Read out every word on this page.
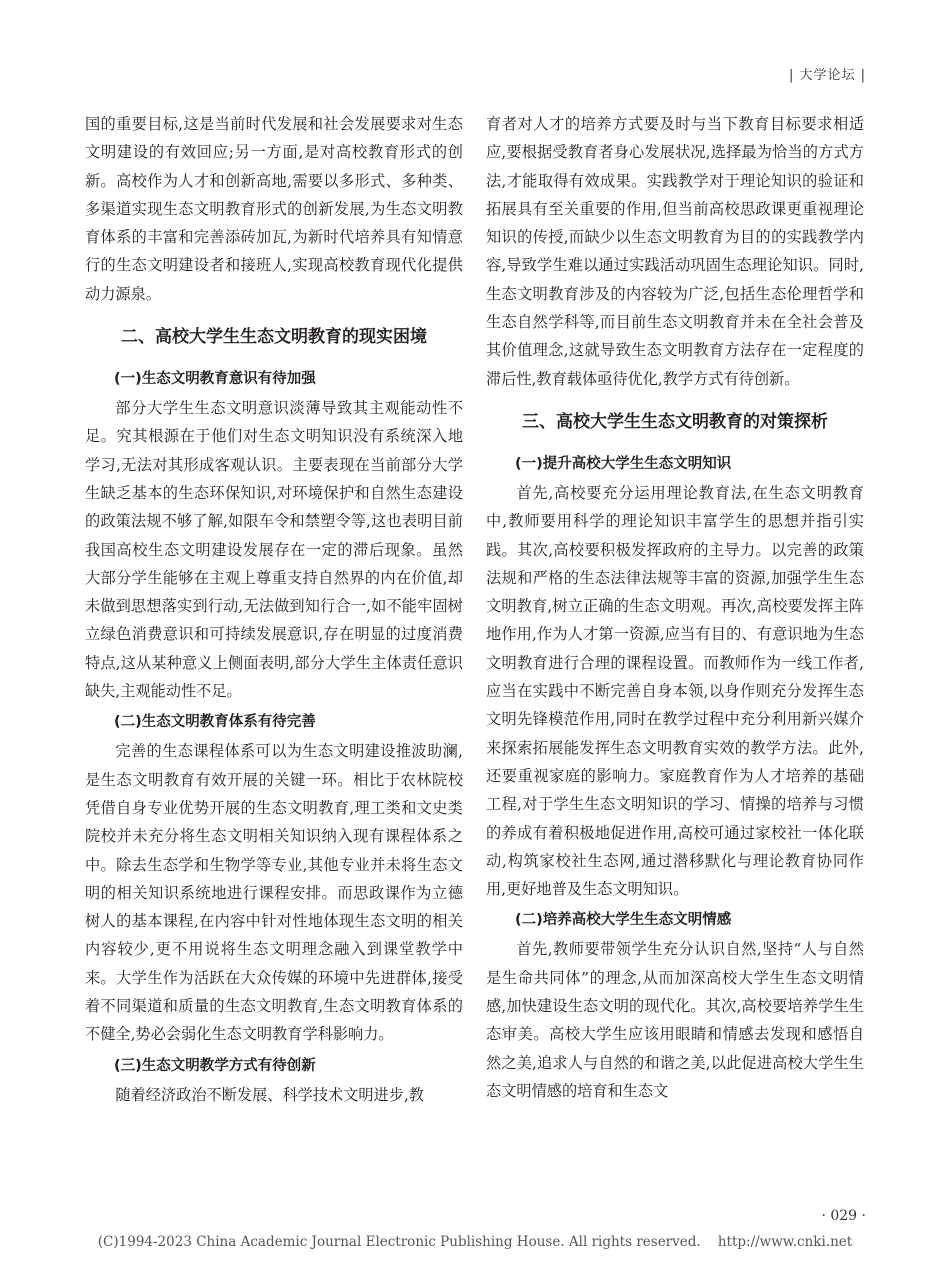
| 大学论坛 |

国的重要目标,这是当前时代发展和社会发展要求对生态文明建设的有效回应;另一方面,是对高校教育形式的创新。高校作为人才和创新高地,需要以多形式、多种类、多渠道实现生态文明教育形式的创新发展,为生态文明教育体系的丰富和完善添砖加瓦,为新时代培养具有知情意行的生态文明建设者和接班人,实现高校教育现代化提供动力源泉。

二、高校大学生生态文明教育的现实困境
(一)生态文明教育意识有待加强

部分大学生生态文明意识淡薄导致其主观能动性不足。究其根源在于他们对生态文明知识没有系统深入地学习,无法对其形成客观认识。主要表现在当前部分大学生缺乏基本的生态环保知识,对环境保护和自然生态建设的政策法规不够了解,如限车令和禁塑令等,这也表明目前我国高校生态文明建设发展存在一定的滞后现象。虽然大部分学生能够在主观上尊重支持自然界的内在价值,却未做到思想落实到行动,无法做到知行合一,如不能牢固树立绿色消费意识和可持续发展意识,存在明显的过度消费特点,这从某种意义上侧面表明,部分大学生主体责任意识缺失,主观能动性不足。

(二)生态文明教育体系有待完善

完善的生态课程体系可以为生态文明建设推波助澜,是生态文明教育有效开展的关键一环。相比于农林院校凭借自身专业优势开展的生态文明教育,理工类和文史类院校并未充分将生态文明相关知识纳入现有课程体系之中。除去生态学和生物学等专业,其他专业并未将生态文明的相关知识系统地进行课程安排。而思政课作为立德树人的基本课程,在内容中针对性地体现生态文明的相关内容较少,更不用说将生态文明理念融入到课堂教学中来。大学生作为活跃在大众传媒的环境中先进群体,接受着不同渠道和质量的生态文明教育,生态文明教育体系的不健全,势必会弱化生态文明教育学科影响力。

(三)生态文明教学方式有待创新

随着经济政治不断发展、科学技术文明进步,教

育者对人才的培养方式要及时与当下教育目标要求相适应,要根据受教育者身心发展状况,选择最为恰当的方式方法,才能取得有效成果。实践教学对于理论知识的验证和拓展具有至关重要的作用,但当前高校思政课更重视理论知识的传授,而缺少以生态文明教育为目的的实践教学内容,导致学生难以通过实践活动巩固生态理论知识。同时,生态文明教育涉及的内容较为广泛,包括生态伦理哲学和生态自然学科等,而目前生态文明教育并未在全社会普及其价值理念,这就导致生态文明教育方法存在一定程度的滞后性,教育载体亟待优化,教学方式有待创新。

三、高校大学生生态文明教育的对策探析
(一)提升高校大学生生态文明知识

首先,高校要充分运用理论教育法,在生态文明教育中,教师要用科学的理论知识丰富学生的思想并指引实践。其次,高校要积极发挥政府的主导力。以完善的政策法规和严格的生态法律法规等丰富的资源,加强学生生态文明教育,树立正确的生态文明观。再次,高校要发挥主阵地作用,作为人才第一资源,应当有目的、有意识地为生态文明教育进行合理的课程设置。而教师作为一线工作者,应当在实践中不断完善自身本领,以身作则充分发挥生态文明先锋模范作用,同时在教学过程中充分利用新兴媒介来探索拓展能发挥生态文明教育实效的教学方法。此外,还要重视家庭的影响力。家庭教育作为人才培养的基础工程,对于学生生态文明知识的学习、情操的培养与习惯的养成有着积极地促进作用,高校可通过家校社一体化联动,构筑家校社生态网,通过潜移默化与理论教育协同作用,更好地普及生态文明知识。

(二)培养高校大学生生态文明情感

首先,教师要带领学生充分认识自然,坚持“人与自然是生命共同体”的理念,从而加深高校大学生生态文明情感,加快建设生态文明的现代化。其次,高校要培养学生生态审美。高校大学生应该用眼睛和情感去发现和感悟自然之美,追求人与自然的和谐之美,以此促进高校大学生生态文明情感的培育和生态文

· 029 ·
(C)1994-2023 China Academic Journal Electronic Publishing House. All rights reserved.    http://www.cnki.net
